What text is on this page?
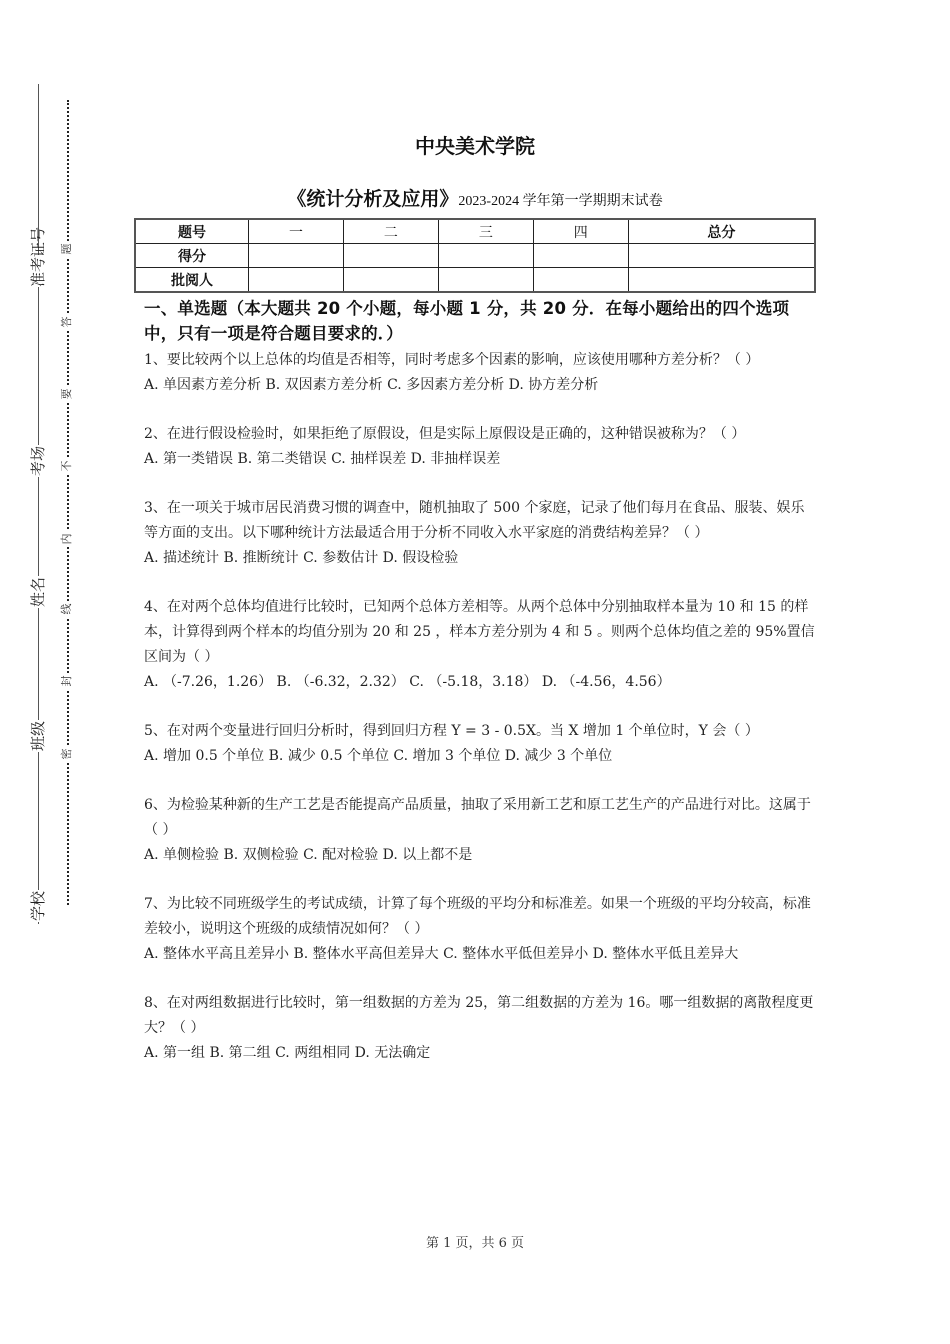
准考证号
考场
姓名
班级
学校
题
答
要
不
内
线
封
密
中央美术学院
《统计分析及应用》2023-2024 学年第一学期期末试卷
题号	一	二	三	四	总分
得分					
批阅人					
一、单选题（本大题共 20 个小题，每小题 1 分，共 20 分．在每小题给出的四个选项中，只有一项是符合题目要求的．）
1、要比较两个以上总体的均值是否相等，同时考虑多个因素的影响，应该使用哪种方差分析？（ ）
A. 单因素方差分析 B. 双因素方差分析 C. 多因素方差分析 D. 协方差分析
2、在进行假设检验时，如果拒绝了原假设，但是实际上原假设是正确的，这种错误被称为？（ ）
A. 第一类错误 B. 第二类错误 C. 抽样误差 D. 非抽样误差
3、在一项关于城市居民消费习惯的调查中，随机抽取了 500 个家庭，记录了他们每月在食品、服装、娱乐等方面的支出。以下哪种统计方法最适合用于分析不同收入水平家庭的消费结构差异？（ ）
A. 描述统计 B. 推断统计 C. 参数估计 D. 假设检验
4、在对两个总体均值进行比较时，已知两个总体方差相等。从两个总体中分别抽取样本量为 10 和 15 的样本，计算得到两个样本的均值分别为 20 和 25 ，样本方差分别为 4 和 5 。则两个总体均值之差的 95%置信区间为（ ）
A. （-7.26，1.26） B. （-6.32，2.32） C. （-5.18，3.18） D. （-4.56，4.56）
5、在对两个变量进行回归分析时，得到回归方程 Y = 3 - 0.5X。当 X 增加 1 个单位时，Y 会（ ）
A. 增加 0.5 个单位 B. 减少 0.5 个单位 C. 增加 3 个单位 D. 减少 3 个单位
6、为检验某种新的生产工艺是否能提高产品质量，抽取了采用新工艺和原工艺生产的产品进行对比。这属于（ ）
A. 单侧检验 B. 双侧检验 C. 配对检验 D. 以上都不是
7、为比较不同班级学生的考试成绩，计算了每个班级的平均分和标准差。如果一个班级的平均分较高，标准差较小，说明这个班级的成绩情况如何？（ ）
A. 整体水平高且差异小 B. 整体水平高但差异大 C. 整体水平低但差异小 D. 整体水平低且差异大
8、在对两组数据进行比较时，第一组数据的方差为 25，第二组数据的方差为 16。哪一组数据的离散程度更大？（ ）
A. 第一组 B. 第二组 C. 两组相同 D. 无法确定
第 1 页，共 6 页
